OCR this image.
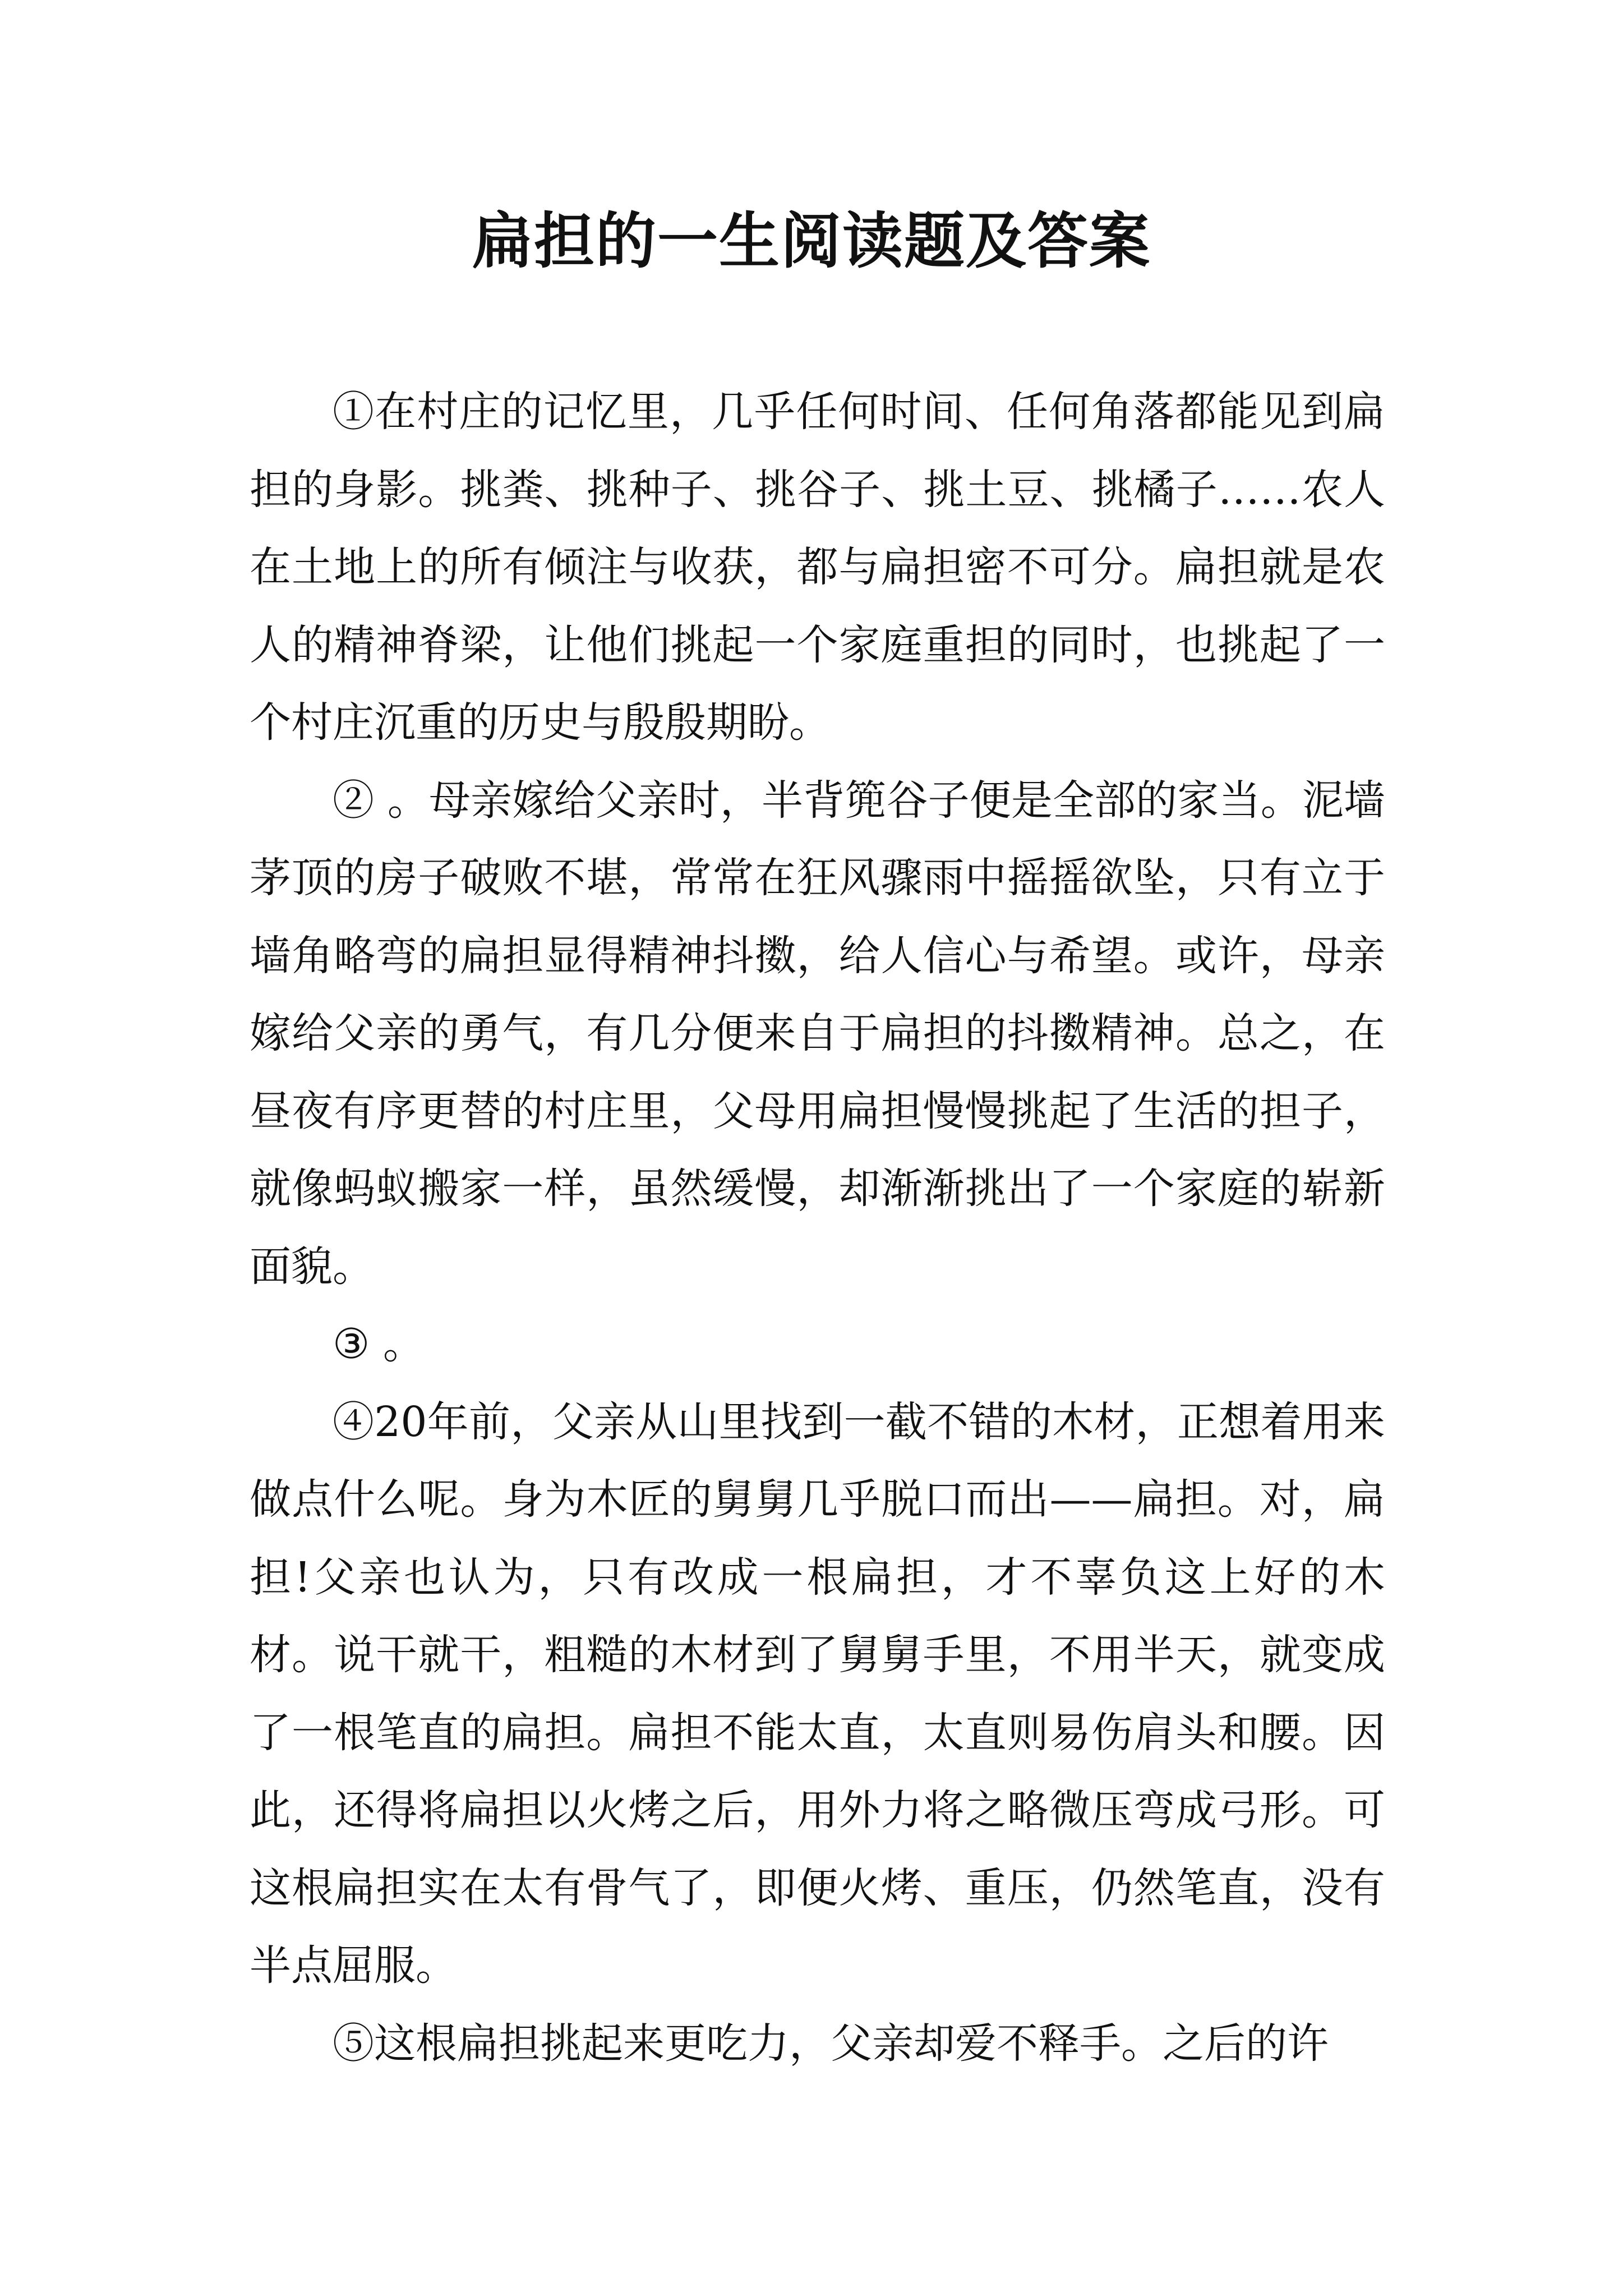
扁担的一生阅读题及答案

①在村庄的记忆里，几乎任何时间、任何角落都能见到扁担的身影。挑粪、挑种子、挑谷子、挑土豆、挑橘子……农人在土地上的所有倾注与收获，都与扁担密不可分。扁担就是农人的精神脊梁，让他们挑起一个家庭重担的同时，也挑起了一个村庄沉重的历史与殷殷期盼。

② 。母亲嫁给父亲时，半背篼谷子便是全部的家当。泥墙茅顶的房子破败不堪，常常在狂风骤雨中摇摇欲坠，只有立于墙角略弯的扁担显得精神抖擞，给人信心与希望。或许，母亲嫁给父亲的勇气，有几分便来自于扁担的抖擞精神。总之，在昼夜有序更替的村庄里，父母用扁担慢慢挑起了生活的担子，就像蚂蚁搬家一样，虽然缓慢，却渐渐挑出了一个家庭的崭新面貌。

③ 。

④20年前，父亲从山里找到一截不错的木材，正想着用来做点什么呢。身为木匠的舅舅几乎脱口而出——扁担。对，扁担!父亲也认为，只有改成一根扁担，才不辜负这上好的木材。说干就干，粗糙的木材到了舅舅手里，不用半天，就变成了一根笔直的扁担。扁担不能太直，太直则易伤肩头和腰。因此，还得将扁担以火烤之后，用外力将之略微压弯成弓形。可这根扁担实在太有骨气了，即便火烤、重压，仍然笔直，没有半点屈服。

⑤这根扁担挑起来更吃力，父亲却爱不释手。之后的许
